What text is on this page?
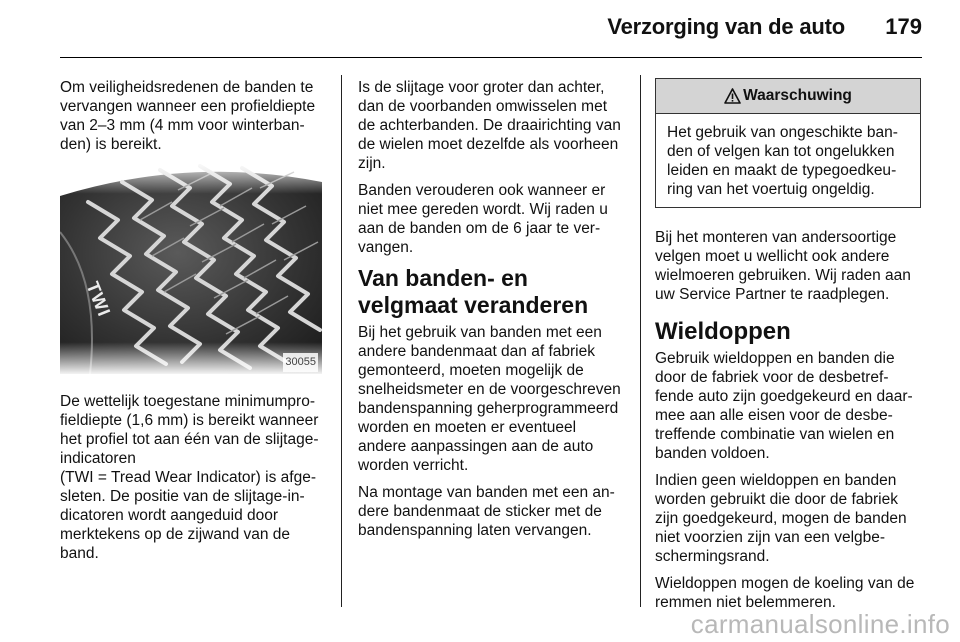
Verzorging van de auto 179

Om veiligheidsredenen de banden te vervangen wanneer een profieldiepte van 2–3 mm (4 mm voor winterbanden) is bereikt.

TWI
30055

De wettelijk toegestane minimumprofieldiepte (1,6 mm) is bereikt wanneer het profiel tot aan één van de slijtage-indicatoren

(TWI = Tread Wear Indicator) is afgesleten. De positie van de slijtage-indicatoren wordt aangeduid door merktekens op de zijwand van de band.

Is de slijtage voor groter dan achter, dan de voorbanden omwisselen met de achterbanden. De draairichting van de wielen moet dezelfde als voorheen zijn.

Banden verouderen ook wanneer er niet mee gereden wordt. Wij raden u aan de banden om de 6 jaar te vervangen.

Van banden- en velgmaat veranderen

Bij het gebruik van banden met een andere bandenmaat dan af fabriek gemonteerd, moeten mogelijk de snelheidsmeter en de voorgeschreven bandenspanning geherprogrammeerd worden en moeten er eventueel andere aanpassingen aan de auto worden verricht.

Na montage van banden met een andere bandenmaat de sticker met de bandenspanning laten vervangen.

Waarschuwing
Het gebruik van ongeschikte banden of velgen kan tot ongelukken leiden en maakt de typegoedkeuring van het voertuig ongeldig.

Bij het monteren van andersoortige velgen moet u wellicht ook andere wielmoeren gebruiken. Wij raden aan uw Service Partner te raadplegen.

Wieldoppen

Gebruik wieldoppen en banden die door de fabriek voor de desbetreffende auto zijn goedgekeurd en daarmee aan alle eisen voor de desbetreffende combinatie van wielen en banden voldoen.

Indien geen wieldoppen en banden worden gebruikt die door de fabriek zijn goedgekeurd, mogen de banden niet voorzien zijn van een velgbeschermingsrand.

Wieldoppen mogen de koeling van de remmen niet belemmeren.

carmanualsonline.info
